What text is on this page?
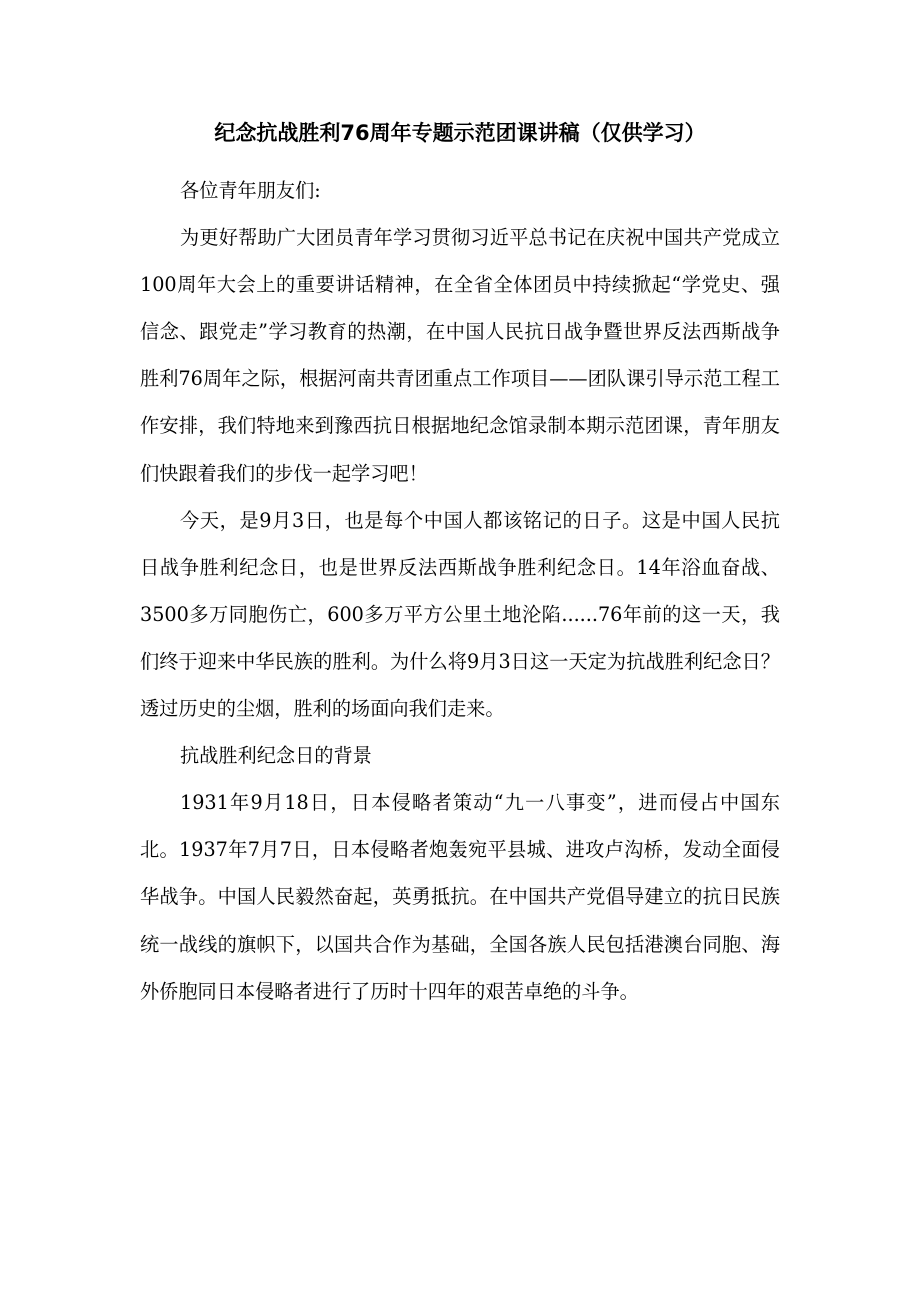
纪念抗战胜利76周年专题示范团课讲稿（仅供学习）

各位青年朋友们:

为更好帮助广大团员青年学习贯彻习近平总书记在庆祝中国共产党成立100周年大会上的重要讲话精神，在全省全体团员中持续掀起“学党史、强信念、跟党走”学习教育的热潮，在中国人民抗日战争暨世界反法西斯战争胜利76周年之际，根据河南共青团重点工作项目——团队课引导示范工程工作安排，我们特地来到豫西抗日根据地纪念馆录制本期示范团课，青年朋友们快跟着我们的步伐一起学习吧！

今天，是9月3日，也是每个中国人都该铭记的日子。这是中国人民抗日战争胜利纪念日，也是世界反法西斯战争胜利纪念日。14年浴血奋战、3500多万同胞伤亡，600多万平方公里土地沦陷......76年前的这一天，我们终于迎来中华民族的胜利。为什么将9月3日这一天定为抗战胜利纪念日？透过历史的尘烟，胜利的场面向我们走来。

抗战胜利纪念日的背景

1931年9月18日，日本侵略者策动“九一八事变”，进而侵占中国东北。1937年7月7日，日本侵略者炮轰宛平县城、进攻卢沟桥，发动全面侵华战争。中国人民毅然奋起，英勇抵抗。在中国共产党倡导建立的抗日民族统一战线的旗帜下，以国共合作为基础，全国各族人民包括港澳台同胞、海外侨胞同日本侵略者进行了历时十四年的艰苦卓绝的斗争。
